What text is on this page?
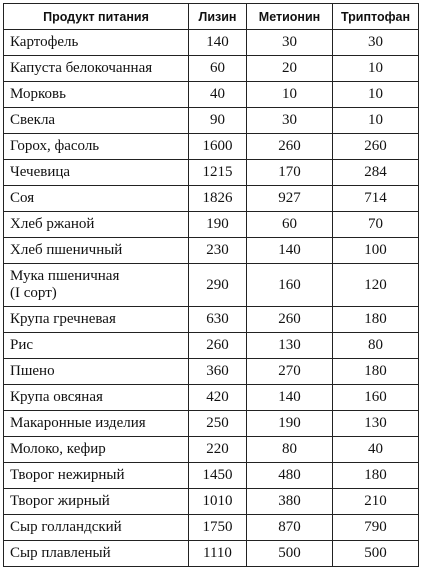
Продукт питания	Лизин	Метионин	Триптофан
Картофель	140	30	30
Капуста белокочанная	60	20	10
Морковь	40	10	10
Свекла	90	30	10
Горох, фасоль	1600	260	260
Чечевица	1215	170	284
Соя	1826	927	714
Хлеб ржаной	190	60	70
Хлеб пшеничный	230	140	100
Мука пшеничная
(I сорт)	290	160	120
Крупа гречневая	630	260	180
Рис	260	130	80
Пшено	360	270	180
Крупа овсяная	420	140	160
Макаронные изделия	250	190	130
Молоко, кефир	220	80	40
Творог нежирный	1450	480	180
Творог жирный	1010	380	210
Сыр голландский	1750	870	790
Сыр плавленый	1110	500	500
